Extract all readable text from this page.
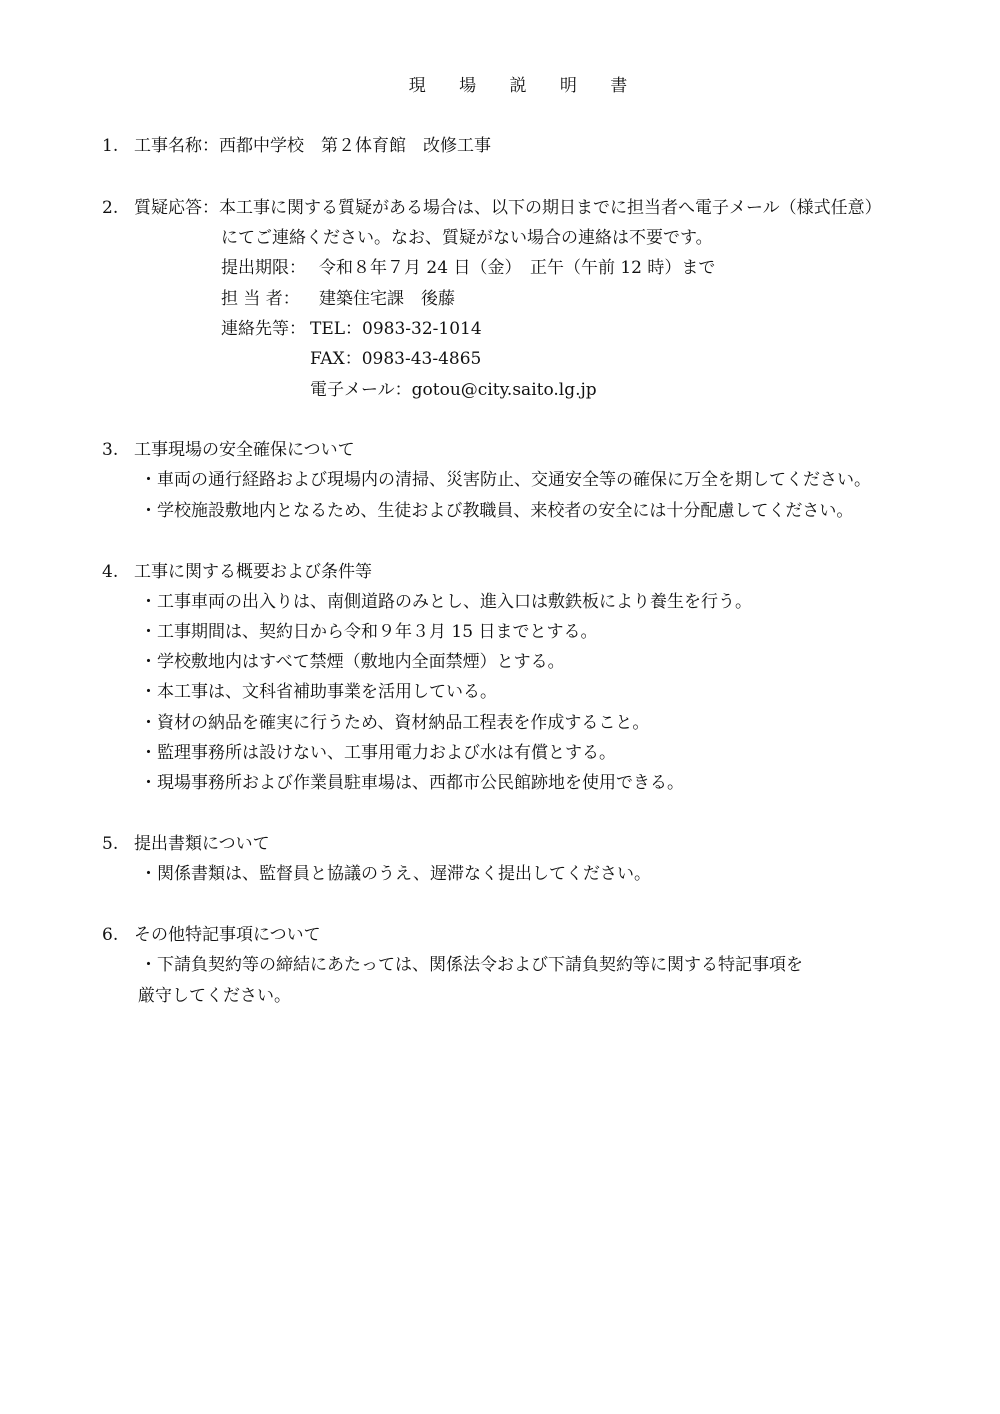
現 場 説 明 書
1. 工事名称：西都中学校　第２体育館　改修工事
2. 質疑応答：本工事に関する質疑がある場合は、以下の期日までに担当者へ電子メール（様式任意）
にてご連絡ください。なお、質疑がない場合の連絡は不要です。
提出期限： 令和８年７月 24 日（金）　正午（午前 12 時）まで
担 当 者： 建築住宅課　後藤
連絡先等： TEL：0983-32-1014
FAX：0983-43-4865
電子メール：gotou@city.saito.lg.jp
3. 工事現場の安全確保について
・車両の通行経路および現場内の清掃、災害防止、交通安全等の確保に万全を期してください。
・学校施設敷地内となるため、生徒および教職員、来校者の安全には十分配慮してください。
4. 工事に関する概要および条件等
・工事車両の出入りは、南側道路のみとし、進入口は敷鉄板により養生を行う。
・工事期間は、契約日から令和９年３月 15 日までとする。
・学校敷地内はすべて禁煙（敷地内全面禁煙）とする。
・本工事は、文科省補助事業を活用している。
・資材の納品を確実に行うため、資材納品工程表を作成すること。
・監理事務所は設けない、工事用電力および水は有償とする。
・現場事務所および作業員駐車場は、西都市公民館跡地を使用できる。
5. 提出書類について
・関係書類は、監督員と協議のうえ、遅滞なく提出してください。
6. その他特記事項について
・下請負契約等の締結にあたっては、関係法令および下請負契約等に関する特記事項を
厳守してください。
